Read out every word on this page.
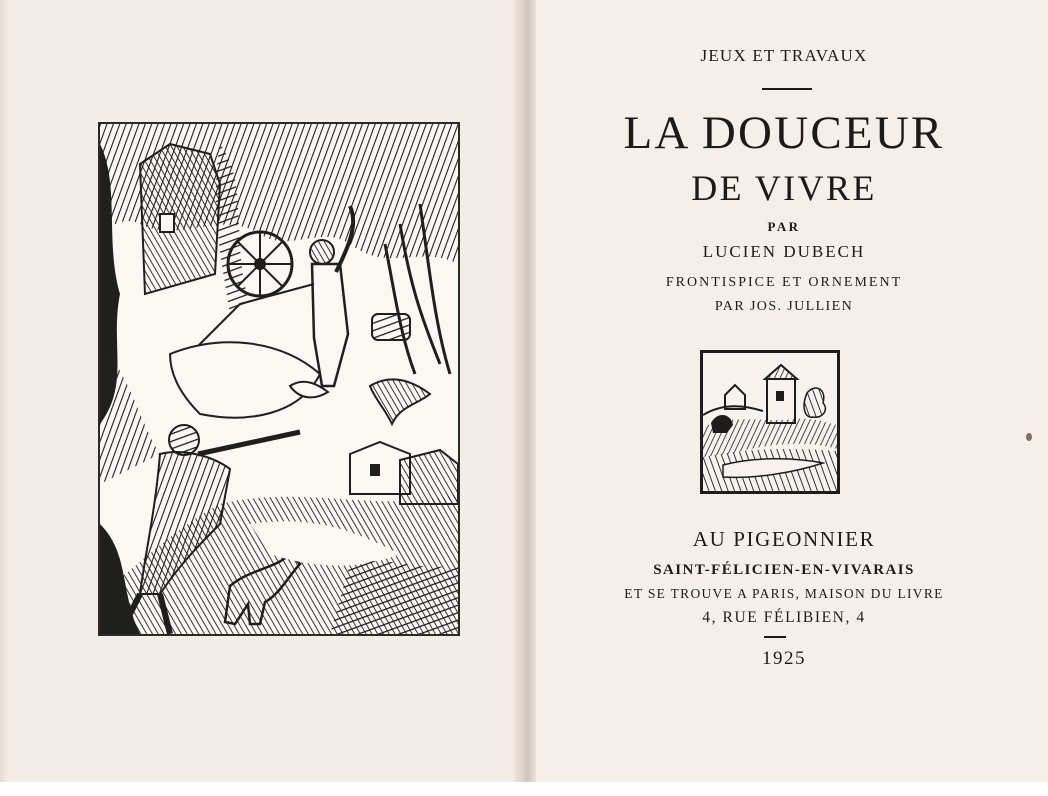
JEUX ET TRAVAUX
LA DOUCEUR
DE VIVRE
PAR
LUCIEN DUBECH
FRONTISPICE ET ORNEMENT
PAR JOS. JULLIEN
AU PIGEONNIER
SAINT-FÉLICIEN-EN-VIVARAIS
ET SE TROUVE A PARIS, MAISON DU LIVRE
4, RUE FÉLIBIEN, 4
1925
